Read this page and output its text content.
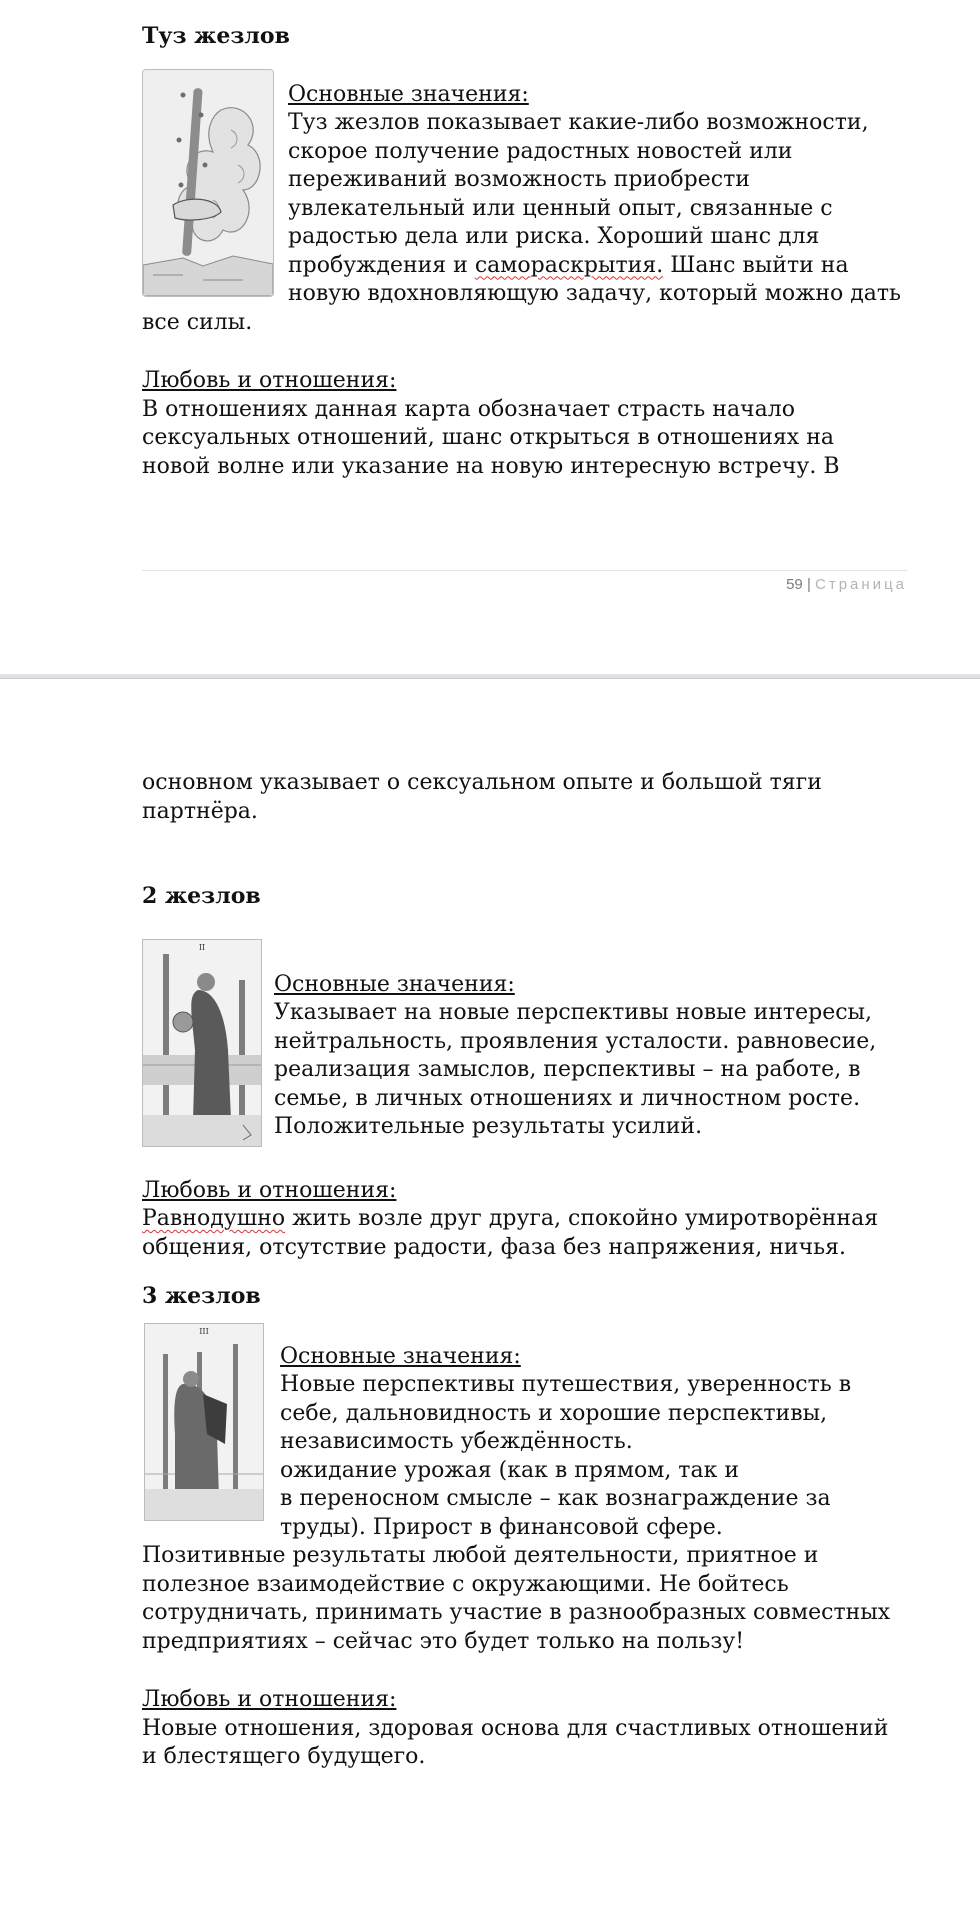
Туз жезлов

Основные значения:
Туз жезлов показывает какие-либо возможности, скорое получение радостных новостей или переживаний возможность приобрести увлекательный или ценный опыт, связанные с радостью дела или риска. Хороший шанс для пробуждения и самораскрытия. Шанс выйти на новую вдохновляющую задачу, который можно дать все силы.

Любовь и отношения:

В отношениях данная карта обозначает страсть начало сексуальных отношений, шанс открыться в отношениях на новой волне или указание на новую интересную встречу. В

59 | Страница

основном указывает о сексуальном опыте и большой тяги партнёра.

2 жезлов

II

Основные значения:
Указывает на новые перспективы новые интересы, нейтральность, проявления усталости. равновесие, реализация замыслов, перспективы – на работе, в семье, в личных отношениях и личностном росте. Положительные результаты усилий.

Любовь и отношения:

Равнодушно жить возле друг друга, спокойно умиротворённая общения, отсутствие радости, фаза без напряжения, ничья.

3 жезлов

III

Основные значения:
Новые перспективы путешествия, уверенность в себе, дальновидность и хорошие перспективы, независимость убеждённость.
ожидание урожая (как в прямом, так и
в переносном смысле – как вознаграждение за труды). Прирост в финансовой сфере.
Позитивные результаты любой деятельности, приятное и полезное взаимодействие с окружающими. Не бойтесь сотрудничать, принимать участие в разнообразных совместных предприятиях – сейчас это будет только на пользу!

Любовь и отношения:

Новые отношения, здоровая основа для счастливых отношений и блестящего будущего.
